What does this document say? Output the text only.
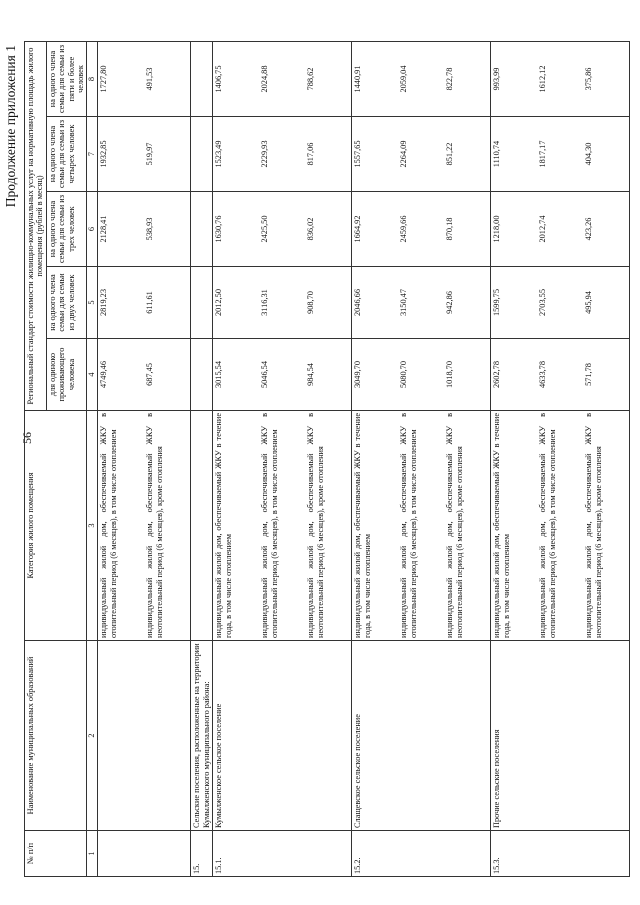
56
Продолжение приложения 1
№ п/п	Наименование муниципальных образований	Категория жилого помещения	Региональный стандарт стоимости жилищно-коммунальных услуг на нормативную площадь жилого помещения (рублей в месяц)				
			для одиноко проживающего человека	на одного члена семьи для семьи из двух человек	на одного члена семьи для семьи из трех человек	на одного члена семьи для семьи из четырех человек	на одного члена семьи для семьи из пяти и более человек
1	2	3	4	5	6	7	8
		индивидуальный жилой дом, обеспечиваемый ЖКУ в отопительный период (6 месяцев), в том числе отоплением	4749,46	2819,23	2128,41	1932,85	1727,80
		индивидуальный жилой дом, обеспечиваемый ЖКУ в неотопительный период (6 месяцев), кроме отопления	687,45	611,61	538,93	519,97	491,53
15.	Сельские поселения, расположенные на территории Кумылженского муниципального района:						
15.1.	Кумылженское сельское поселение	индивидуальный жилой дом, обеспечиваемый ЖКУ в течение года, в том числе отоплением	3015,54	2012,50	1630,76	1523,49	1406,75
		индивидуальный жилой дом, обеспечиваемый ЖКУ в отопительный период (6 месяцев), в том числе отоплением	5046,54	3116,31	2425,50	2229,93	2024,88
		индивидуальный жилой дом, обеспечиваемый ЖКУ в неотопительный период (6 месяцев), кроме отопления	984,54	908,70	836,02	817,06	788,62
15.2.	Слащевское сельское поселение	индивидуальный жилой дом, обеспечиваемый ЖКУ в течение года, в том числе отоплением	3049,70	2046,66	1664,92	1557,65	1440,91
		индивидуальный жилой дом, обеспечиваемый ЖКУ в отопительный период (6 месяцев), в том числе отоплением	5080,70	3150,47	2459,66	2264,09	2059,04
		индивидуальный жилой дом, обеспечиваемый ЖКУ в неотопительный период (6 месяцев), кроме отопления	1018,70	942,86	870,18	851,22	822,78
15.3.	Прочие сельские поселения	индивидуальный жилой дом, обеспечиваемый ЖКУ в течение года, в том числе отоплением	2602,78	1599,75	1218,00	1110,74	993,99
		индивидуальный жилой дом, обеспечиваемый ЖКУ в отопительный период (6 месяцев), в том числе отоплением	4633,78	2703,55	2012,74	1817,17	1612,12
		индивидуальный жилой дом, обеспечиваемый ЖКУ в неотопительный период (6 месяцев), кроме отопления	571,78	495,94	423,26	404,30	375,86
